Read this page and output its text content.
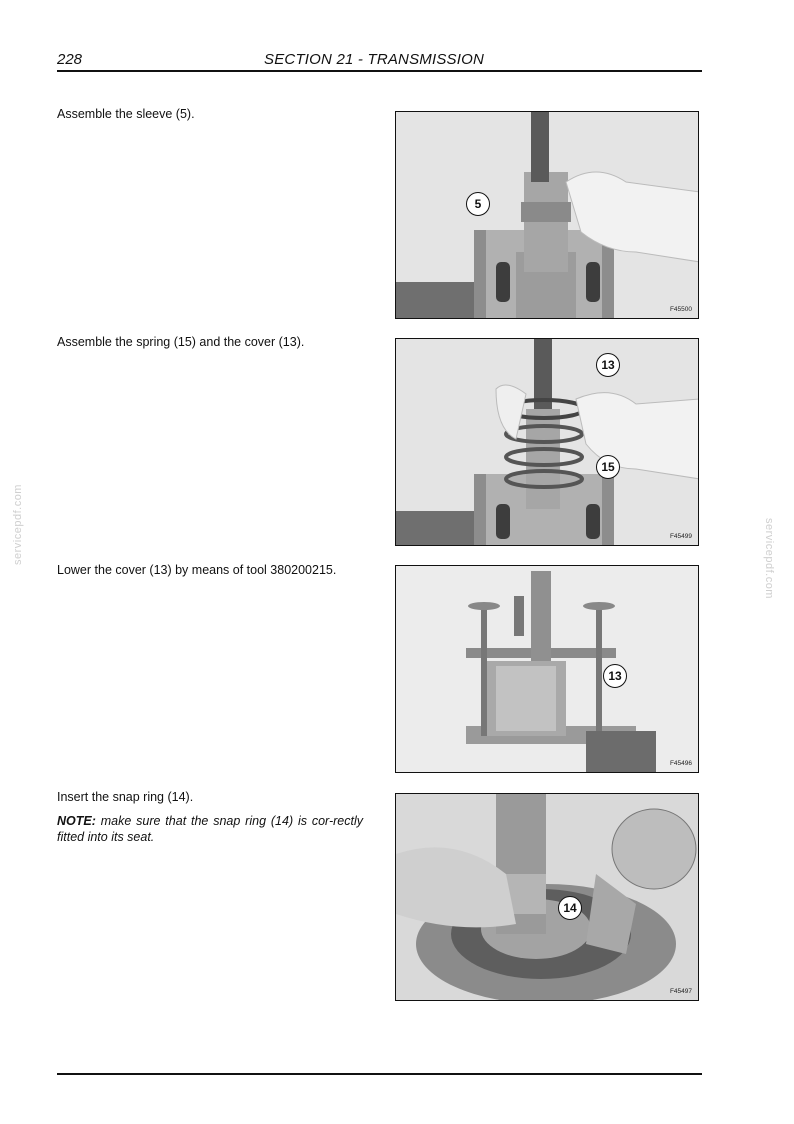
228	SECTION 21 - TRANSMISSION
Assemble the sleeve (5).
5
F45500
Assemble the spring (15) and the cover (13).
13
15
F45499
Lower the cover (13) by means of tool 380200215.
13
F45496
Insert the snap ring (14).
NOTE: make sure that the snap ring (14) is cor-rectly fitted into its seat.
14
F45497
servicepdf.com	servicepdf.com
